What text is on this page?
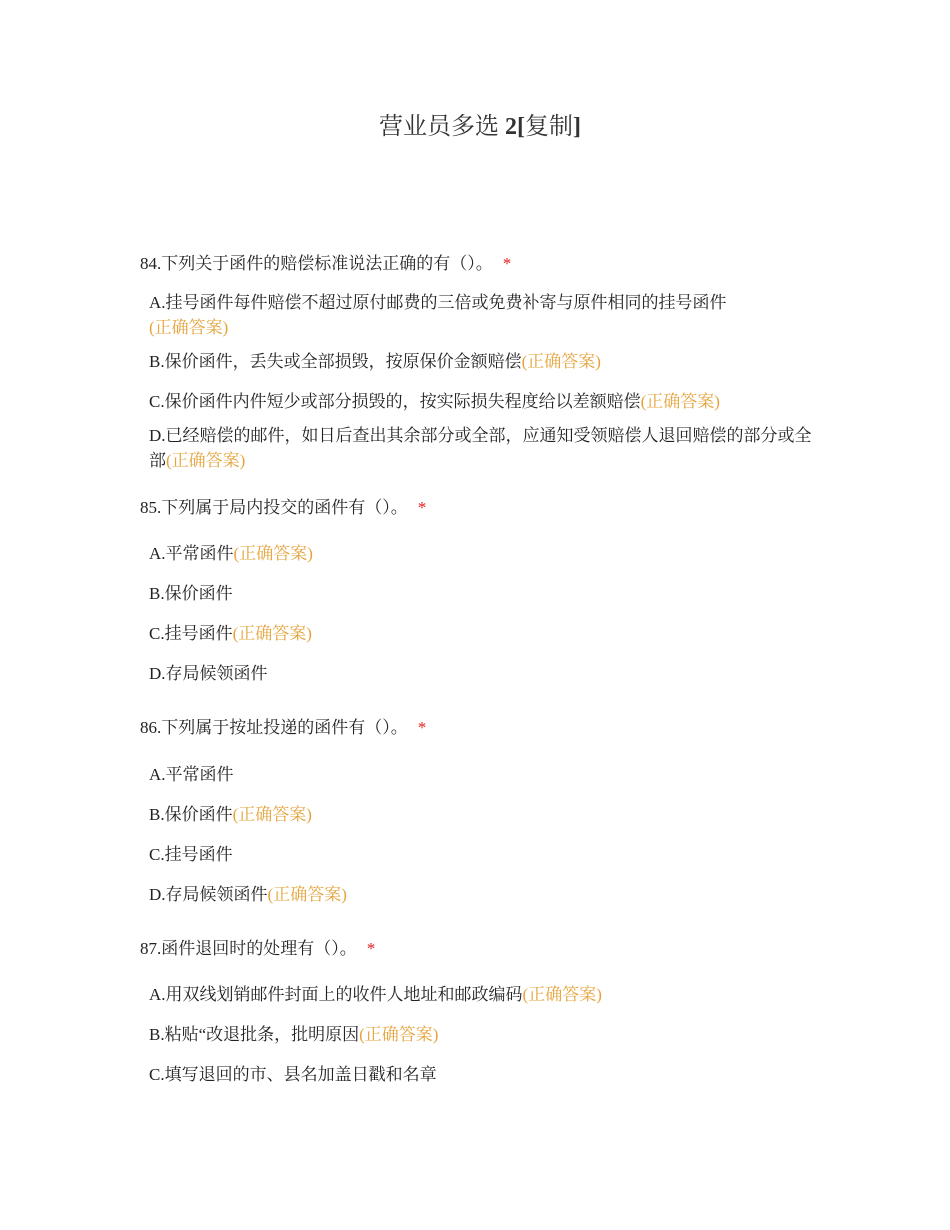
营业员多选 2[复制]
84.下列关于函件的赔偿标准说法正确的有（）。 *
A.挂号函件每件赔偿不超过原付邮费的三倍或免费补寄与原件相同的挂号函件
(正确答案)
B.保价函件，丢失或全部损毁，按原保价金额赔偿(正确答案)
C.保价函件内件短少或部分损毁的，按实际损失程度给以差额赔偿(正确答案)
D.已经赔偿的邮件，如日后查出其余部分或全部，应通知受领赔偿人退回赔偿的部分或全部(正确答案)
85.下列属于局内投交的函件有（）。 *
A.平常函件(正确答案)
B.保价函件
C.挂号函件(正确答案)
D.存局候领函件
86.下列属于按址投递的函件有（）。 *
A.平常函件
B.保价函件(正确答案)
C.挂号函件
D.存局候领函件(正确答案)
87.函件退回时的处理有（）。 *
A.用双线划销邮件封面上的收件人地址和邮政编码(正确答案)
B.粘贴“改退批条，批明原因(正确答案)
C.填写退回的市、县名加盖日戳和名章
